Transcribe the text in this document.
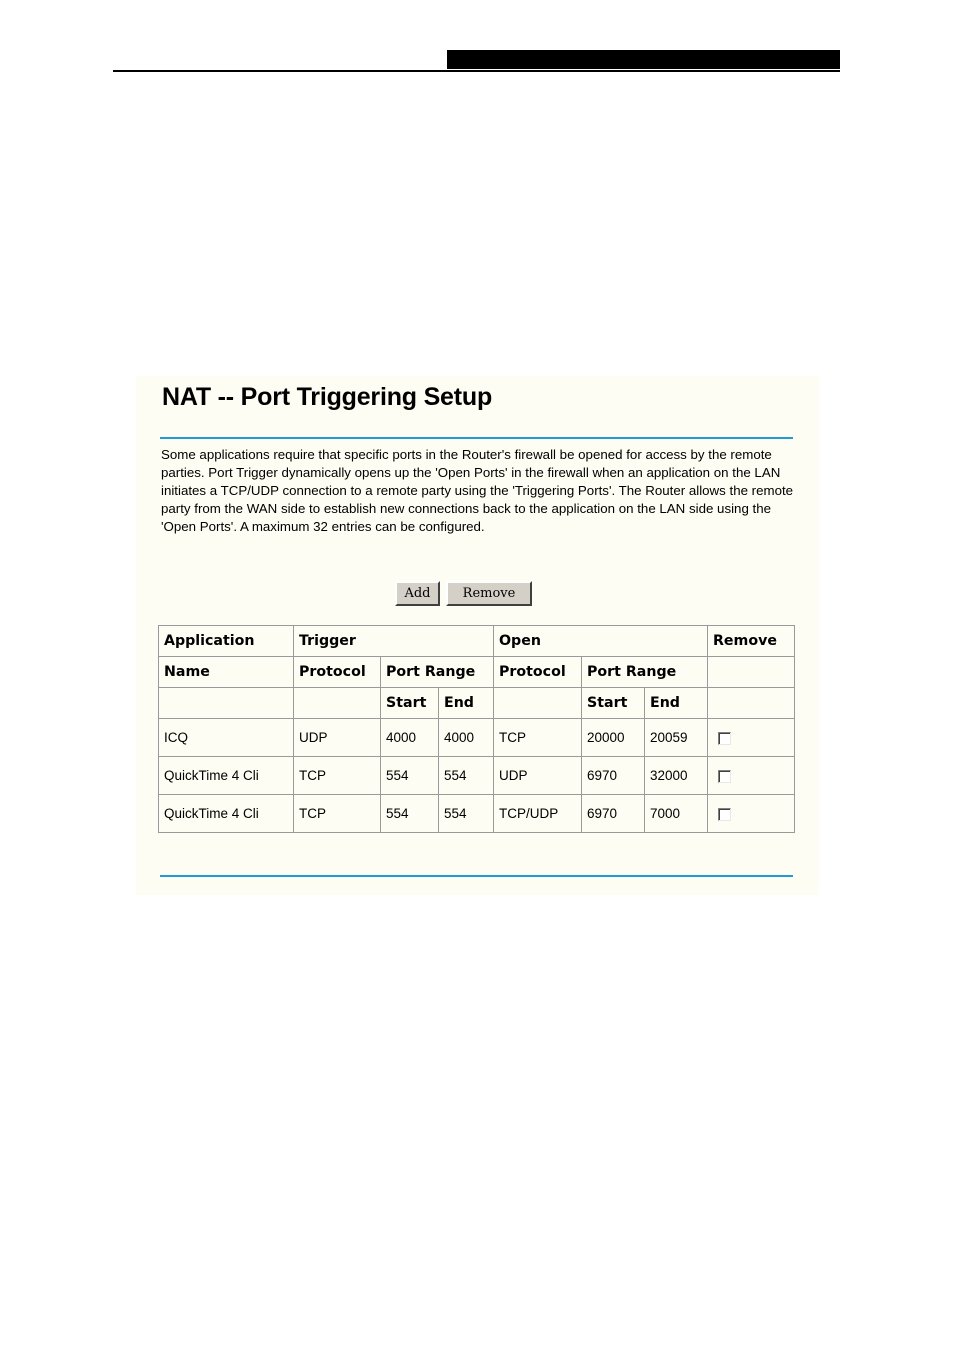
NAT -- Port Triggering Setup
Some applications require that specific ports in the Router's firewall be opened for access by the remote parties. Port Trigger dynamically opens up the 'Open Ports' in the firewall when an application on the LAN initiates a TCP/UDP connection to a remote party using the 'Triggering Ports'. The Router allows the remote party from the WAN side to establish new connections back to the application on the LAN side using the 'Open Ports'. A maximum 32 entries can be configured.
Add	Remove
Application	Trigger			Open			Remove
Name	Protocol	Port Range		Protocol	Port Range		
		Start	End		Start	End	
ICQ	UDP	4000	4000	TCP	20000	20059	
QuickTime 4 Cli	TCP	554	554	UDP	6970	32000	
QuickTime 4 Cli	TCP	554	554	TCP/UDP	6970	7000	
